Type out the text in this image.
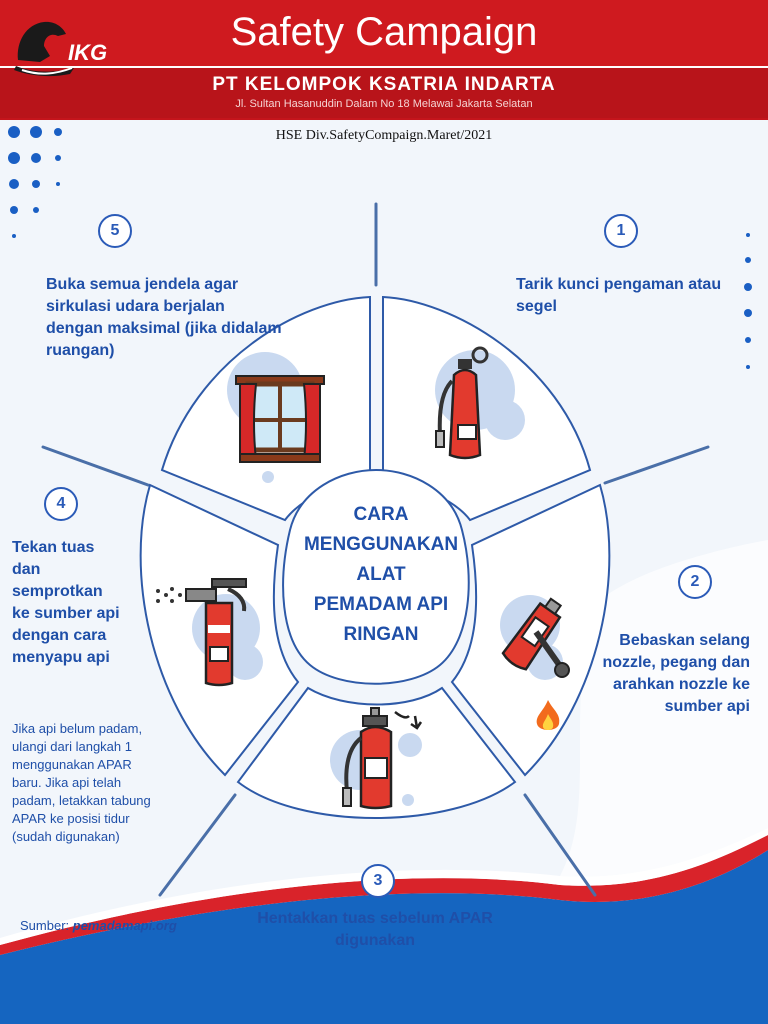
IKG	Safety Campaign
PT KELOMPOK KSATRIA INDARTA
Jl. Sultan Hasanuddin Dalam No 18 Melawai Jakarta Selatan
HSE Div.SafetyCompaign.Maret/2021
1
2
3
4
5
Tarik kunci pengaman atau segel
Bebaskan selang nozzle, pegang dan arahkan nozzle ke sumber api
Hentakkan tuas sebelum APAR digunakan
Tekan tuas dan semprotkan ke sumber api dengan cara menyapu api
Buka semua jendela agar sirkulasi udara berjalan dengan maksimal (jika didalam ruangan)
Jika api belum padam, ulangi dari langkah 1 menggunakan APAR baru. Jika api telah padam, letakkan tabung APAR ke posisi tidur (sudah digunakan)
CARA
MENGGUNAKAN
ALAT
PEMADAM API
RINGAN
Sumber: pemadamapi.org
